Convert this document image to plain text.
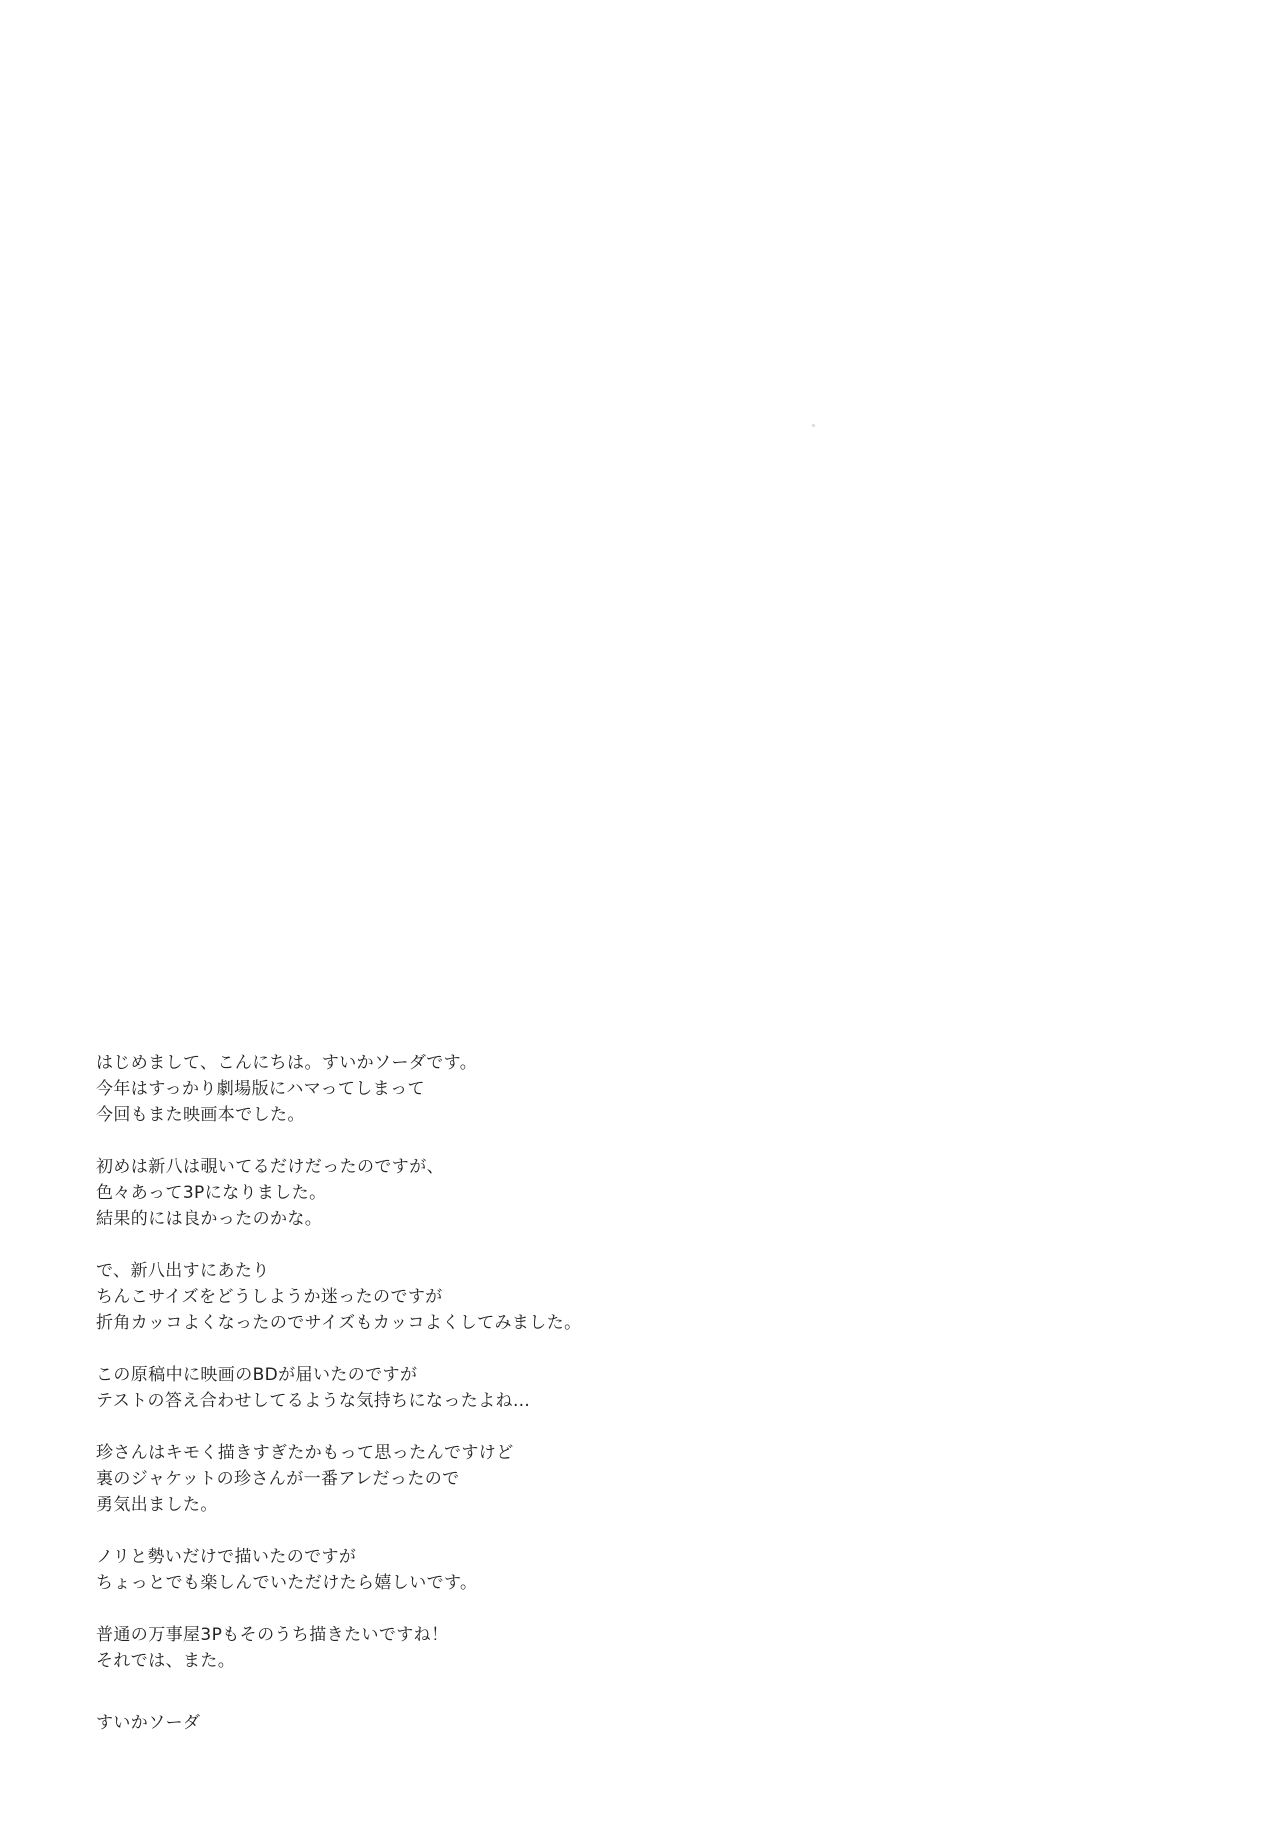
はじめまして、こんにちは。すいかソーダです。
今年はすっかり劇場版にハマってしまって
今回もまた映画本でした。
初めは新八は覗いてるだけだったのですが、
色々あって3Pになりました。
結果的には良かったのかな。
で、新八出すにあたり
ちんこサイズをどうしようか迷ったのですが
折角カッコよくなったのでサイズもカッコよくしてみました。
この原稿中に映画のBDが届いたのですが
テストの答え合わせしてるような気持ちになったよね…
珍さんはキモく描きすぎたかもって思ったんですけど
裏のジャケットの珍さんが一番アレだったので
勇気出ました。
ノリと勢いだけで描いたのですが
ちょっとでも楽しんでいただけたら嬉しいです。
普通の万事屋3Pもそのうち描きたいですね！
それでは、また。
すいかソーダ
